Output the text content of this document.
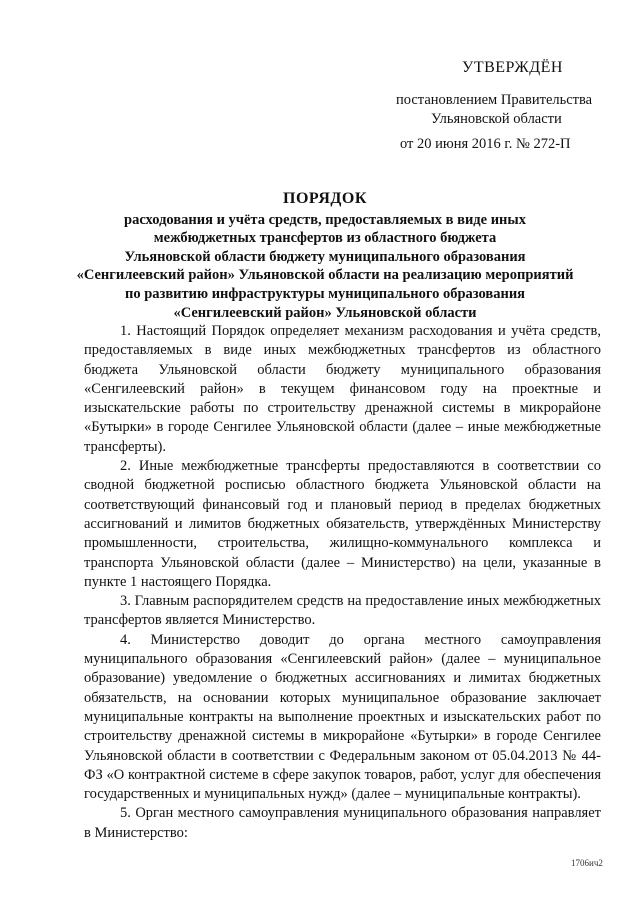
УТВЕРЖДЁН
постановлением Правительства
Ульяновской области
от 20 июня 2016 г. № 272-П
ПОРЯДОК
расходования и учёта средств, предоставляемых в виде иных
межбюджетных трансфертов из областного бюджета
Ульяновской области бюджету муниципального образования
«Сенгилеевский район» Ульяновской области на реализацию мероприятий
по развитию инфраструктуры муниципального образования
«Сенгилеевский район» Ульяновской области

1. Настоящий Порядок определяет механизм расходования и учёта средств, предоставляемых в виде иных межбюджетных трансфертов из областного бюджета Ульяновской области бюджету муниципального образования «Сенгилеевский район» в текущем финансовом году на проектные и изыскательские работы по строительству дренажной системы в микрорайоне «Бутырки» в городе Сенгилее Ульяновской области (далее – иные межбюджетные трансферты).

2. Иные межбюджетные трансферты предоставляются в соответствии со сводной бюджетной росписью областного бюджета Ульяновской области на соответствующий финансовый год и плановый период в пределах бюджетных ассигнований и лимитов бюджетных обязательств, утверждённых Министерству промышленности, строительства, жилищно-коммунального комплекса и транспорта Ульяновской области (далее – Министерство) на цели, указанные в пункте 1 настоящего Порядка.

3. Главным распорядителем средств на предоставление иных межбюджетных трансфертов является Министерство.

4. Министерство доводит до органа местного самоуправления муниципального образования «Сенгилеевский район» (далее – муниципальное образование) уведомление о бюджетных ассигнованиях и лимитах бюджетных обязательств, на основании которых муниципальное образование заключает муниципальные контракты на выполнение проектных и изыскательских работ по строительству дренажной системы в микрорайоне «Бутырки» в городе Сенгилее Ульяновской области в соответствии с Федеральным законом от 05.04.2013 № 44-ФЗ «О контрактной системе в сфере закупок товаров, работ, услуг для обеспечения государственных и муниципальных нужд» (далее – муниципальные контракты).

5. Орган местного самоуправления муниципального образования направляет в Министерство:

1706ич2
